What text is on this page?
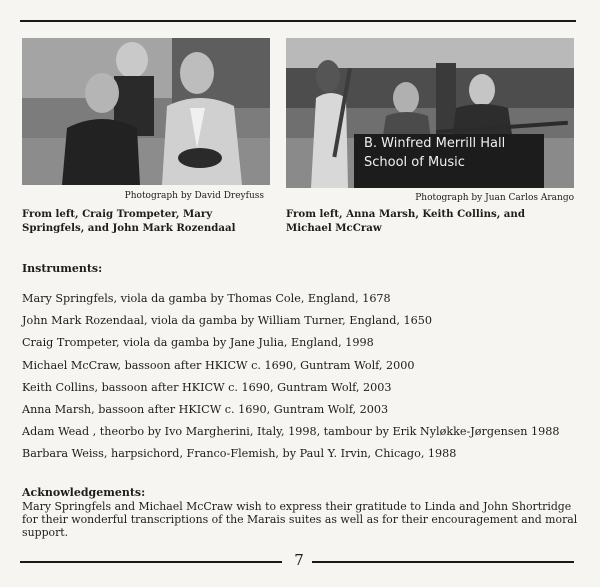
B. Winfred Merrill Hall
School of Music
Photograph by David Dreyfuss	Photograph by Juan Carlos Arango
From left, Craig Trompeter, Mary Springfels, and John Mark Rozendaal
From left, Anna Marsh, Keith Collins, and Michael McCraw
Instruments:
Mary Springfels, viola da gamba by Thomas Cole, England, 1678
John Mark Rozendaal, viola da gamba by William Turner, England, 1650
Craig Trompeter, viola da gamba by Jane Julia, England, 1998
Michael McCraw, bassoon after HKICW c. 1690, Guntram Wolf, 2000
Keith Collins, bassoon after HKICW c. 1690, Guntram Wolf, 2003
Anna Marsh, bassoon after HKICW c. 1690, Guntram Wolf, 2003
Adam Wead , theorbo by Ivo Margherini, Italy, 1998, tambour by Erik Nyløkke-Jørgensen 1988
Barbara Weiss, harpsichord, Franco-Flemish, by Paul Y. Irvin, Chicago, 1988
Acknowledgements:
Mary Springfels and Michael McCraw wish to express their gratitude to Linda and John Shortridge for their wonderful transcriptions of the Marais suites as well as for their encouragement and moral support.
7
